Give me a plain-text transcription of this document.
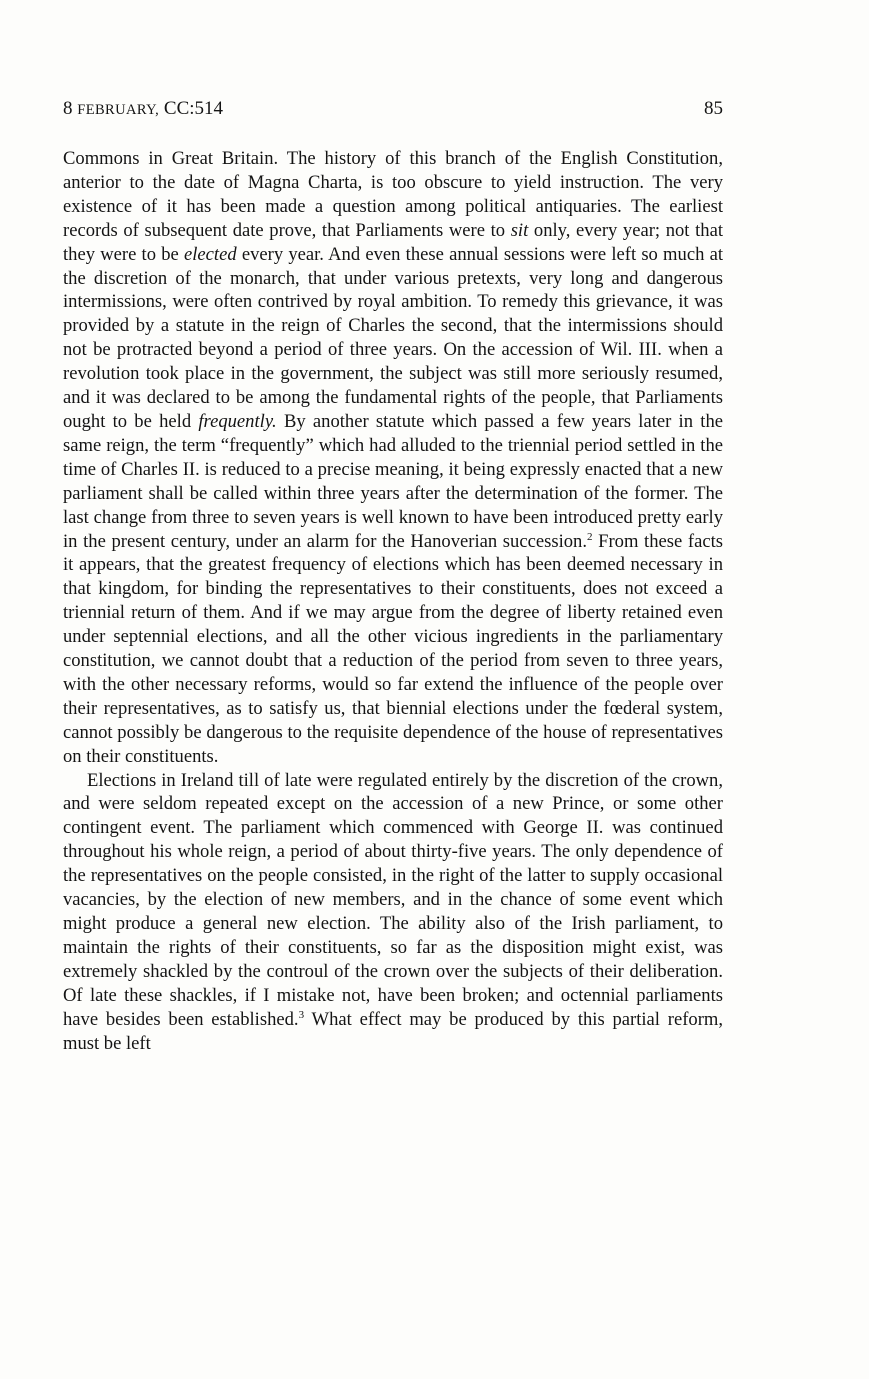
8 FEBRUARY, CC:514	85

Commons in Great Britain. The history of this branch of the English Constitution, anterior to the date of Magna Charta, is too obscure to yield instruction. The very existence of it has been made a question among political antiquaries. The earliest records of subsequent date prove, that Parliaments were to sit only, every year; not that they were to be elected every year. And even these annual sessions were left so much at the discretion of the monarch, that under various pretexts, very long and dangerous intermissions, were often contrived by royal ambition. To remedy this grievance, it was provided by a statute in the reign of Charles the second, that the intermissions should not be protracted beyond a period of three years. On the accession of Wil. III. when a revolution took place in the government, the subject was still more seriously resumed, and it was declared to be among the fundamental rights of the people, that Parliaments ought to be held frequently. By another statute which passed a few years later in the same reign, the term “frequently” which had alluded to the triennial period settled in the time of Charles II. is reduced to a precise meaning, it being expressly enacted that a new parliament shall be called within three years after the determination of the former. The last change from three to seven years is well known to have been introduced pretty early in the present century, under an alarm for the Hanoverian succession.$^2$ From these facts it appears, that the greatest frequency of elections which has been deemed necessary in that kingdom, for binding the representatives to their constituents, does not exceed a triennial return of them. And if we may argue from the degree of liberty retained even under septennial elections, and all the other vicious ingredients in the parliamentary constitution, we cannot doubt that a reduction of the period from seven to three years, with the other necessary reforms, would so far extend the influence of the people over their representatives, as to satisfy us, that biennial elections under the fœderal system, cannot possibly be dangerous to the requisite dependence of the house of representatives on their constituents.

Elections in Ireland till of late were regulated entirely by the discretion of the crown, and were seldom repeated except on the accession of a new Prince, or some other contingent event. The parliament which commenced with George II. was continued throughout his whole reign, a period of about thirty-five years. The only dependence of the representatives on the people consisted, in the right of the latter to supply occasional vacancies, by the election of new members, and in the chance of some event which might produce a general new election. The ability also of the Irish parliament, to maintain the rights of their constituents, so far as the disposition might exist, was extremely shackled by the controul of the crown over the subjects of their deliberation. Of late these shackles, if I mistake not, have been broken; and octennial parliaments have besides been established.$^3$ What effect may be produced by this partial reform, must be left
